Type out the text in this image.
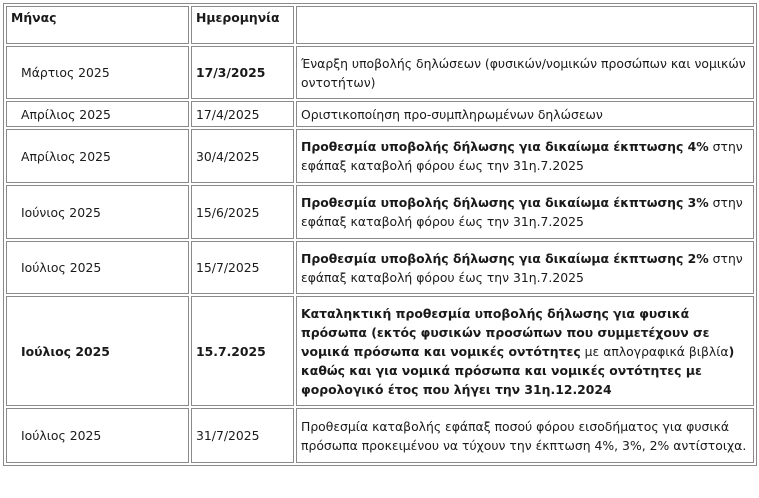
Μήνας	Ημερομηνία	
Μάρτιος 2025	17/3/2025	Έναρξη υποβολής δηλώσεων (φυσικών/νομικών προσώπων και νομικών οντοτήτων)
Απρίλιος 2025	17/4/2025	Οριστικοποίηση προ-συμπληρωμένων δηλώσεων
Απρίλιος 2025	30/4/2025	Προθεσμία υποβολής δήλωσης για δικαίωμα έκπτωσης 4% στην εφάπαξ καταβολή φόρου έως την 31η.7.2025
Ιούνιος 2025	15/6/2025	Προθεσμία υποβολής δήλωσης για δικαίωμα έκπτωσης 3% στην εφάπαξ καταβολή φόρου έως την 31η.7.2025
Ιούλιος 2025	15/7/2025	Προθεσμία υποβολής δήλωσης για δικαίωμα έκπτωσης 2% στην εφάπαξ καταβολή φόρου έως την 31η.7.2025
Ιούλιος 2025	15.7.2025	Καταληκτική προθεσμία υποβολής δήλωσης για φυσικά πρόσωπα (εκτός φυσικών προσώπων που συμμετέχουν σε νομικά πρόσωπα και νομικές οντότητες με απλογραφικά βιβλία) καθώς και για νομικά πρόσωπα και νομικές οντότητες με φορολογικό έτος που λήγει την 31η.12.2024
Ιούλιος 2025	31/7/2025	Προθεσμία καταβολής εφάπαξ ποσού φόρου εισοδήματος για φυσικά πρόσωπα προκειμένου να τύχουν την έκπτωση 4%, 3%, 2% αντίστοιχα.
